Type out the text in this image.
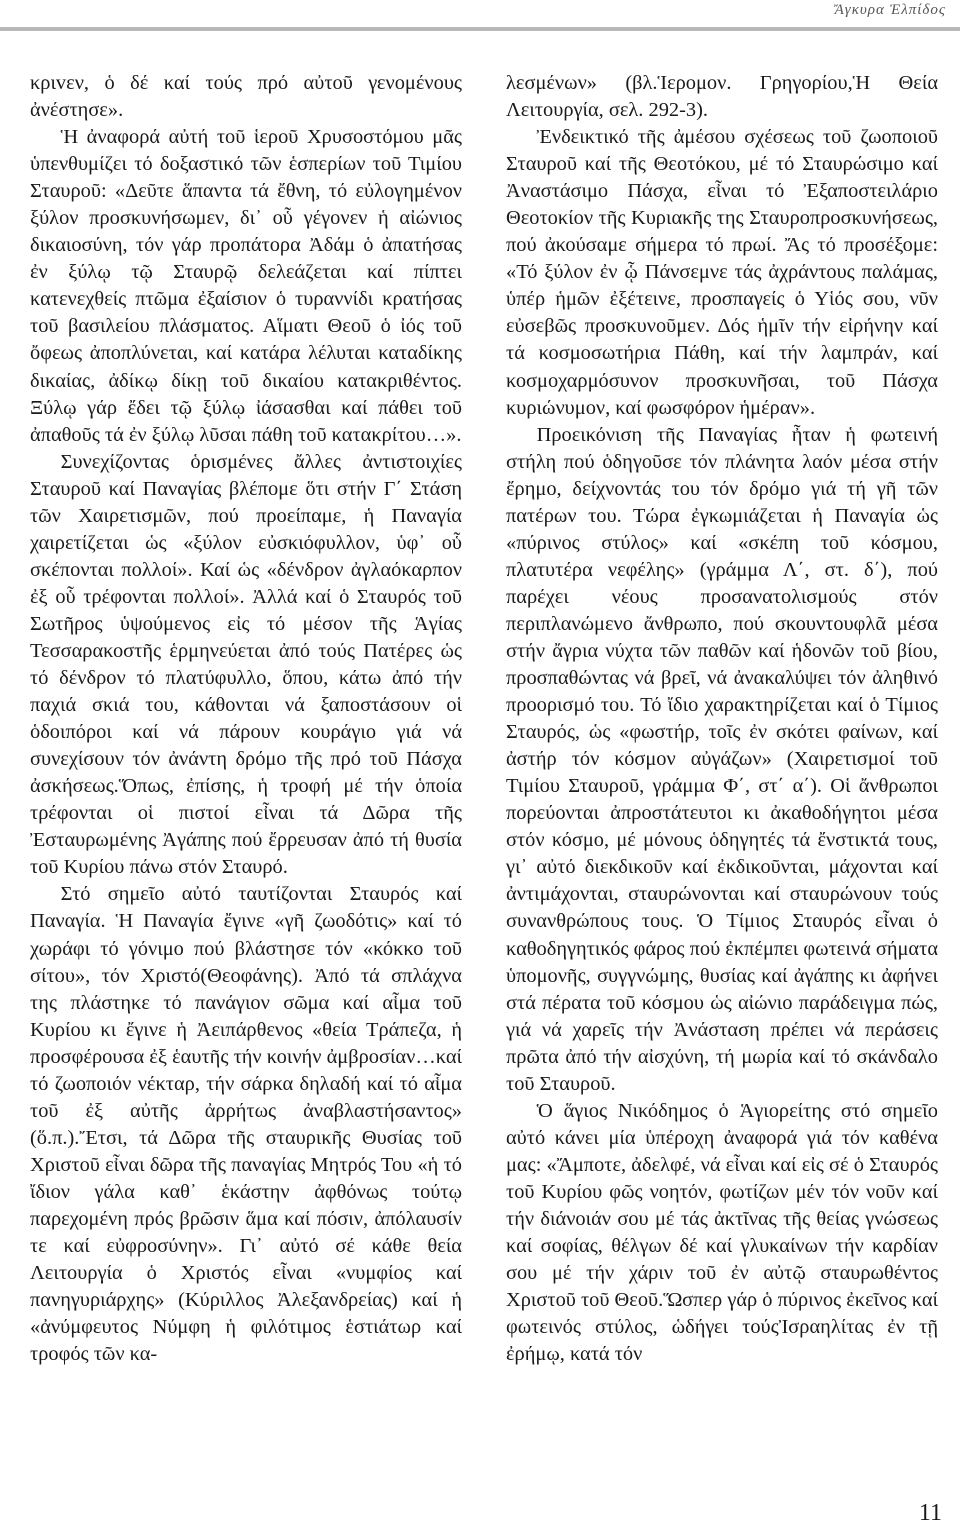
Ἄγκυρα Ἐλπίδος

κριvεν, ὁ δέ καί τούς πρό αὐτοῦ γενομένους ἀνέστησε».

Ἡ ἀναφορά αὐτή τοῦ ἱεροῦ Χρυσοστόμου μᾶς ὑπενθυμίζει τό δοξαστικό τῶν ἑσπερίων τοῦ Τιμίου Σταυροῦ: «Δεῦτε ἅπαντα τά ἔθνη, τό εὐλογημένον ξύλον προσκυνήσωμεν, δι᾿ οὗ γέγονεν ἡ αἰώνιος δικαιοσύνη, τόν γάρ προπάτορα Ἀδάμ ὁ ἀπατήσας ἐν ξύλῳ τῷ Σταυρῷ δελεάζεται καί πίπτει κατενεχθείς πτῶμα ἐξαίσιον ὁ τυραννίδι κρατήσας τοῦ βασιλείου πλάσματος. Αἵματι Θεοῦ ὁ ἰός τοῦ ὄφεως ἀποπλύνεται, καί κατάρα λέλυται καταδίκης δικαίας, ἀδίκῳ δίκῃ τοῦ δικαίου κατακριθέντος. Ξύλῳ γάρ ἔδει τῷ ξύλῳ ἰάσασθαι καί πάθει τοῦ ἀπαθοῦς τά ἐν ξύλῳ λῦσαι πάθη τοῦ κατακρίτου…».

Συνεχίζοντας ὁρισμένες ἄλλες ἀντιστοιχίες Σταυροῦ καί Παναγίας βλέπομε ὅτι στήν Γ΄ Στάση τῶν Χαιρετισμῶν, πού προείπαμε, ἡ Παναγία χαιρετίζεται ὡς «ξύλον εὐσκιόφυλλον, ὑφ᾿ οὗ σκέπονται πολλοί». Καί ὡς «δένδρον ἀγλαόκαρπον ἐξ οὗ τρέφονται πολλοί». Ἀλλά καί ὁ Σταυρός τοῦ Σωτῆρος ὑψούμενος εἰς τό μέσον τῆς Ἁγίας Τεσσαρακοστῆς ἑρμηνεύεται ἀπό τούς Πατέρες ὡς τό δένδρον τό πλατύφυλλο, ὅπου, κάτω ἀπό τήν παχιά σκιά του, κάθονται νά ξαποστάσουν οἱ ὁδοιπόροι καί νά πάρουν κουράγιο γιά νά συνεχίσουν τόν ἀνάντη δρόμο τῆς πρό τοῦ Πάσχα ἀσκήσεως.Ὅπως, ἐπίσης, ἡ τροφή μέ τήν ὁποία τρέφονται οἱ πιστοί εἶναι τά Δῶρα τῆς Ἐσταυρωμένης Ἀγάπης πού ἔρρευσαν ἀπό τή θυσία τοῦ Κυρίου πάνω στόν Σταυρό.

Στό σημεῖο αὐτό ταυτίζονται Σταυρός καί Παναγία. Ἡ Παναγία ἔγινε «γῆ ζωοδότις» καί τό χωράφι τό γόνιμο πού βλάστησε τόν «κόκκο τοῦ σίτου», τόν Χριστό(Θεοφάνης). Ἀπό τά σπλάχνα της πλάστηκε τό πανάγιον σῶμα καί αἷμα τοῦ Κυρίου κι ἔγινε ἡ Ἀειπάρθενος «θεία Τράπεζα, ἡ προσφέρουσα ἐξ ἑαυτῆς τήν κοινήν ἀμβροσίαν…καί τό ζωοποιόν νέκταρ, τήν σάρκα δηλαδή καί τό αἷμα τοῦ ἐξ αὐτῆς ἀρρήτως ἀναβλαστήσαντος» (ὅ.π.).Ἔτσι, τά Δῶρα τῆς σταυρικῆς Θυσίας τοῦ Χριστοῦ εἶναι δῶρα τῆς παναγίας Μητρός Του «ἡ τό ἴδιον γάλα καθ᾿ ἑκάστην ἀφθόνως τούτῳ παρεχομένη πρός βρῶσιν ἅμα καί πόσιν, ἀπόλαυσίν τε καί εὐφροσύνην». Γι᾿ αὐτό σέ κάθε θεία Λειτουργία ὁ Χριστός εἶναι «νυμφίος καί πανηγυριάρχης» (Κύριλλος Ἀλεξανδρείας) καί ἡ «ἀνύμφευτος Νύμφη ἡ φιλότιμος ἑστιάτωρ καί τροφός τῶν κα-

λεσμένων» (βλ.Ἱερομον. Γρηγορίου,Ἡ Θεία Λειτουργία, σελ. 292-3).

Ἐνδεικτικό τῆς ἀμέσου σχέσεως τοῦ ζωοποιοῦ Σταυροῦ καί τῆς Θεοτόκου, μέ τό Σταυρώσιμο καί Ἀναστάσιμο Πάσχα, εἶναι τό Ἐξαποστειλάριο Θεοτοκίον τῆς Κυριακῆς της Σταυροπροσκυνήσεως, πού ἀκούσαμε σήμερα τό πρωί. Ἄς τό προσέξομε: «Τό ξύλον ἐν ᾧ Πάνσεμνε τάς ἀχράντους παλάμας, ὑπέρ ἡμῶν ἐξέτεινε, προσπαγείς ὁ Υἱός σου, νῦν εὐσεβῶς προσκυνοῦμεν. Δός ἡμῖν τήν εἰρήνην καί τά κοσμοσωτήρια Πάθη, καί τήν λαμπράν, καί κοσμοχαρμόσυνον προσκυνῆσαι, τοῦ Πάσχα κυριώνυμον, καί φωσφόρον ἡμέραν».

Προεικόνιση τῆς Παναγίας ἦταν ἡ φωτεινή στήλη πού ὁδηγοῦσε τόν πλάνητα λαόν μέσα στήν ἔρημο, δείχνοντάς του τόν δρόμο γιά τή γῆ τῶν πατέρων του. Τώρα ἐγκωμιάζεται ἡ Παναγία ὡς «πύρινος στύλος» καί «σκέπη τοῦ κόσμου, πλατυτέρα νεφέλης» (γράμμα Λ΄, στ. δ΄), πού παρέχει νέους προσανατολισμούς στόν περιπλανώμενο ἄνθρωπο, πού σκουντουφλᾶ μέσα στήν ἄγρια νύχτα τῶν παθῶν καί ἡδονῶν τοῦ βίου, προσπαθώντας νά βρεῖ, νά ἀνακαλύψει τόν ἀληθινό προορισμό του. Τό ἴδιο χαρακτηρίζεται καί ὁ Τίμιος Σταυρός, ὡς «φωστήρ, τοῖς ἐν σκότει φαίνων, καί ἀστήρ τόν κόσμον αὐγάζων» (Χαιρετισμοί τοῦ Τιμίου Σταυροῦ, γράμμα Φ΄, στ΄ α΄). Οἱ ἄνθρωποι πορεύονται ἀπροστάτευτοι κι ἀκαθοδήγητοι μέσα στόν κόσμο, μέ μόνους ὁδηγητές τά ἔνστικτά τους, γι᾿ αὐτό διεκδικοῦν καί ἐκδικοῦνται, μάχονται καί ἀντιμάχονται, σταυρώνονται καί σταυρώνουν τούς συνανθρώπους τους. Ὁ Τίμιος Σταυρός εἶναι ὁ καθοδηγητικός φάρος πού ἐκπέμπει φωτεινά σήματα ὑπομονῆς, συγγνώμης, θυσίας καί ἀγάπης κι ἀφήνει στά πέρατα τοῦ κόσμου ὡς αἰώνιο παράδειγμα πώς, γιά νά χαρεῖς τήν Ἀνάσταση πρέπει νά περάσεις πρῶτα ἀπό τήν αἰσχύνη, τή μωρία καί τό σκάνδαλο τοῦ Σταυροῦ.

Ὁ ἅγιος Νικόδημος ὁ Ἁγιορείτης στό σημεῖο αὐτό κάνει μία ὑπέροχη ἀναφορά γιά τόν καθένα μας: «Ἄμποτε, ἀδελφέ, νά εἶναι καί εἰς σέ ὁ Σταυρός τοῦ Κυρίου φῶς νοητόν, φωτίζων μέν τόν νοῦν καί τήν διάνοιάν σου μέ τάς ἀκτῖνας τῆς θείας γνώσεως καί σοφίας, θέλγων δέ καί γλυκαίνων τήν καρδίαν σου μέ τήν χάριν τοῦ ἐν αὐτῷ σταυρωθέντος Χριστοῦ τοῦ Θεοῦ.Ὥσπερ γάρ ὁ πύρινος ἐκεῖνος καί φωτεινός στύλος, ὡδήγει τούςἸσραηλίτας ἐν τῇ ἐρήμῳ, κατά τόν

11
